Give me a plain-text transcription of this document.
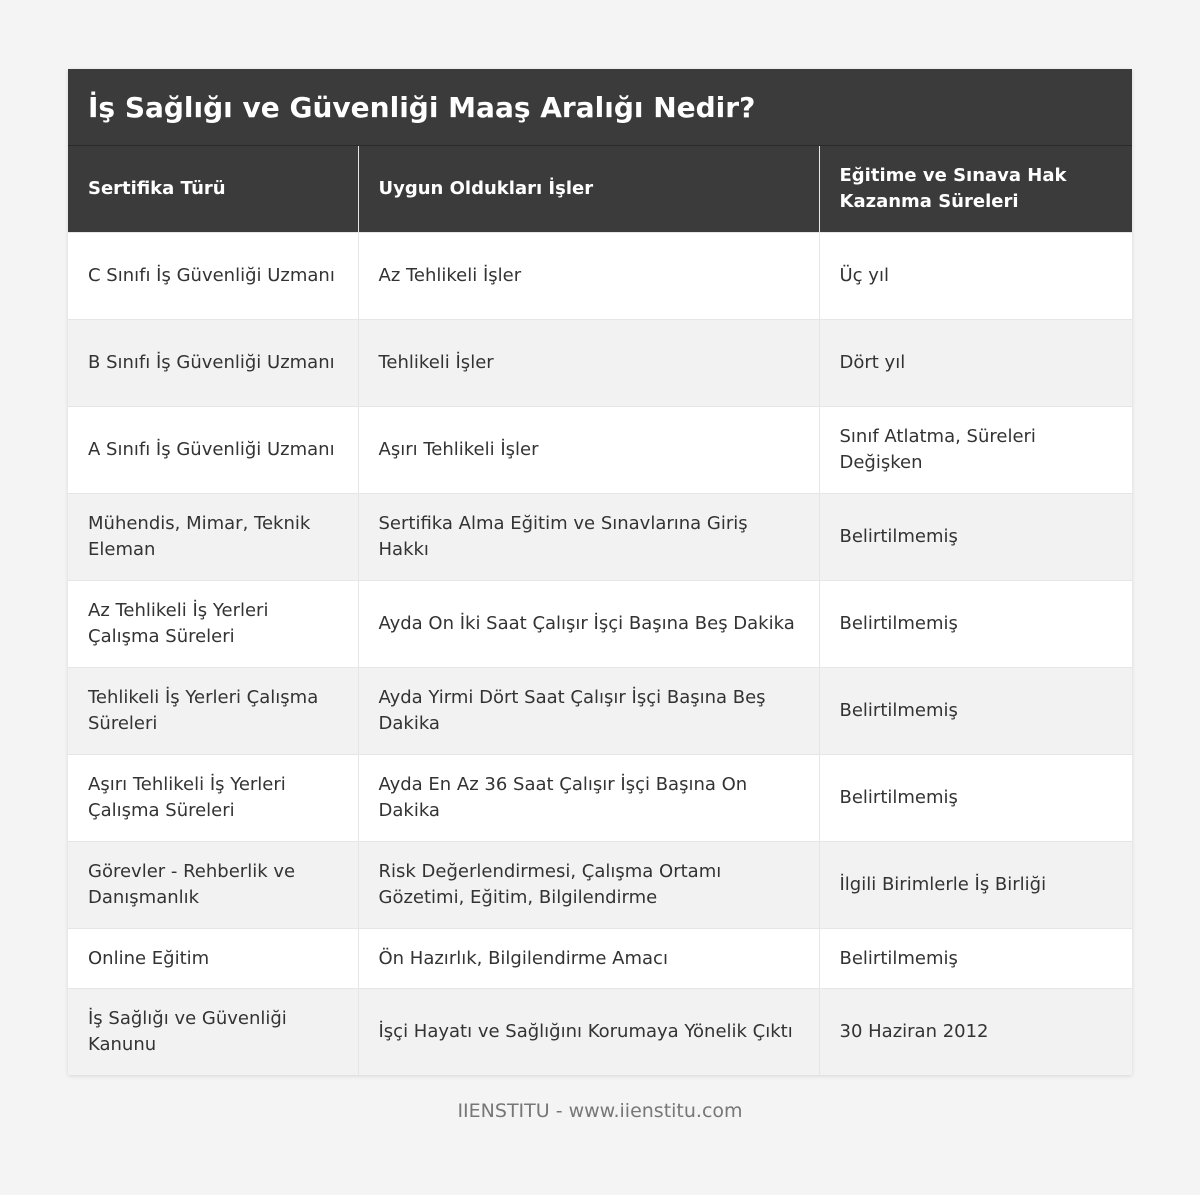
İş Sağlığı ve Güvenliği Maaş Aralığı Nedir?
Sertifika Türü	Uygun Oldukları İşler	Eğitime ve Sınava Hak Kazanma Süreleri
C Sınıfı İş Güvenliği Uzmanı	Az Tehlikeli İşler	Üç yıl
B Sınıfı İş Güvenliği Uzmanı	Tehlikeli İşler	Dört yıl
A Sınıfı İş Güvenliği Uzmanı	Aşırı Tehlikeli İşler	Sınıf Atlatma, Süreleri Değişken
Mühendis, Mimar, Teknik Eleman	Sertifika Alma Eğitim ve Sınavlarına Giriş Hakkı	Belirtilmemiş
Az Tehlikeli İş Yerleri Çalışma Süreleri	Ayda On İki Saat Çalışır İşçi Başına Beş Dakika	Belirtilmemiş
Tehlikeli İş Yerleri Çalışma Süreleri	Ayda Yirmi Dört Saat Çalışır İşçi Başına Beş Dakika	Belirtilmemiş
Aşırı Tehlikeli İş Yerleri Çalışma Süreleri	Ayda En Az 36 Saat Çalışır İşçi Başına On Dakika	Belirtilmemiş
Görevler - Rehberlik ve Danışmanlık	Risk Değerlendirmesi, Çalışma Ortamı Gözetimi, Eğitim, Bilgilendirme	İlgili Birimlerle İş Birliği
Online Eğitim	Ön Hazırlık, Bilgilendirme Amacı	Belirtilmemiş
İş Sağlığı ve Güvenliği Kanunu	İşçi Hayatı ve Sağlığını Korumaya Yönelik Çıktı	30 Haziran 2012
IIENSTITU - www.iienstitu.com
